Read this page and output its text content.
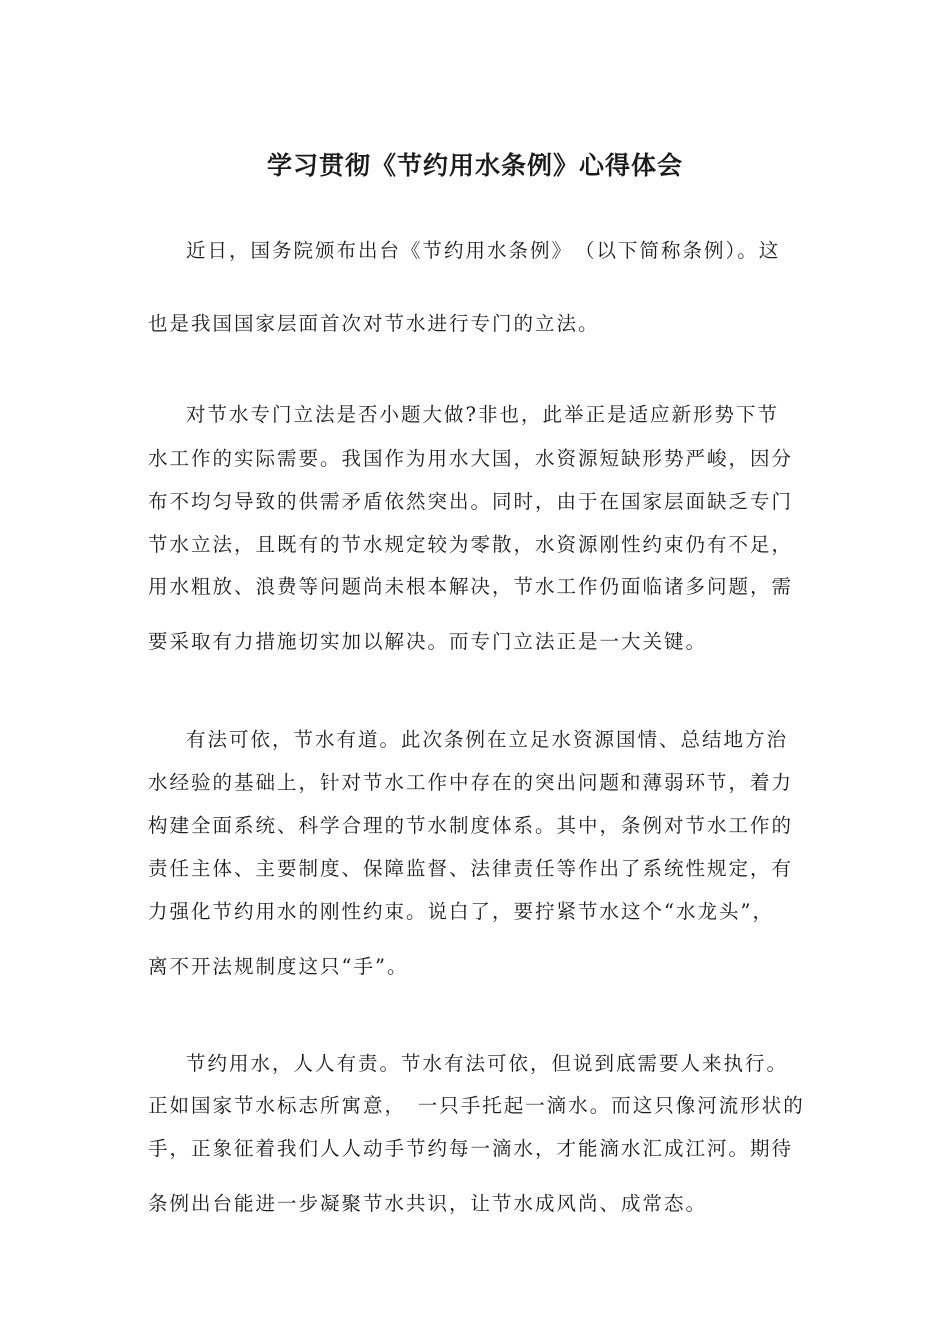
学习贯彻《节约用水条例》心得体会
近日，国务院颁布出台《节约用水条例》　（以下简称条例）。这
也是我国国家层面首次对节水进行专门的立法。
对节水专门立法是否小题大做?非也，此举正是适应新形势下节
水工作的实际需要。我国作为用水大国，水资源短缺形势严峻，因分
布不均匀导致的供需矛盾依然突出。同时，由于在国家层面缺乏专门
节水立法，且既有的节水规定较为零散，水资源刚性约束仍有不足，
用水粗放、浪费等问题尚未根本解决，节水工作仍面临诸多问题，需
要采取有力措施切实加以解决。而专门立法正是一大关键。
有法可依，节水有道。此次条例在立足水资源国情、总结地方治
水经验的基础上，针对节水工作中存在的突出问题和薄弱环节，着力
构建全面系统、科学合理的节水制度体系。其中，条例对节水工作的
责任主体、主要制度、保障监督、法律责任等作出了系统性规定，有
力强化节约用水的刚性约束。说白了，要拧紧节水这个“水龙头”，
离不开法规制度这只“手”。
节约用水，人人有责。节水有法可依，但说到底需要人来执行。
正如国家节水标志所寓意，　一只手托起一滴水。而这只像河流形状的
手，正象征着我们人人动手节约每一滴水，才能滴水汇成江河。期待
条例出台能进一步凝聚节水共识，让节水成风尚、成常态。
